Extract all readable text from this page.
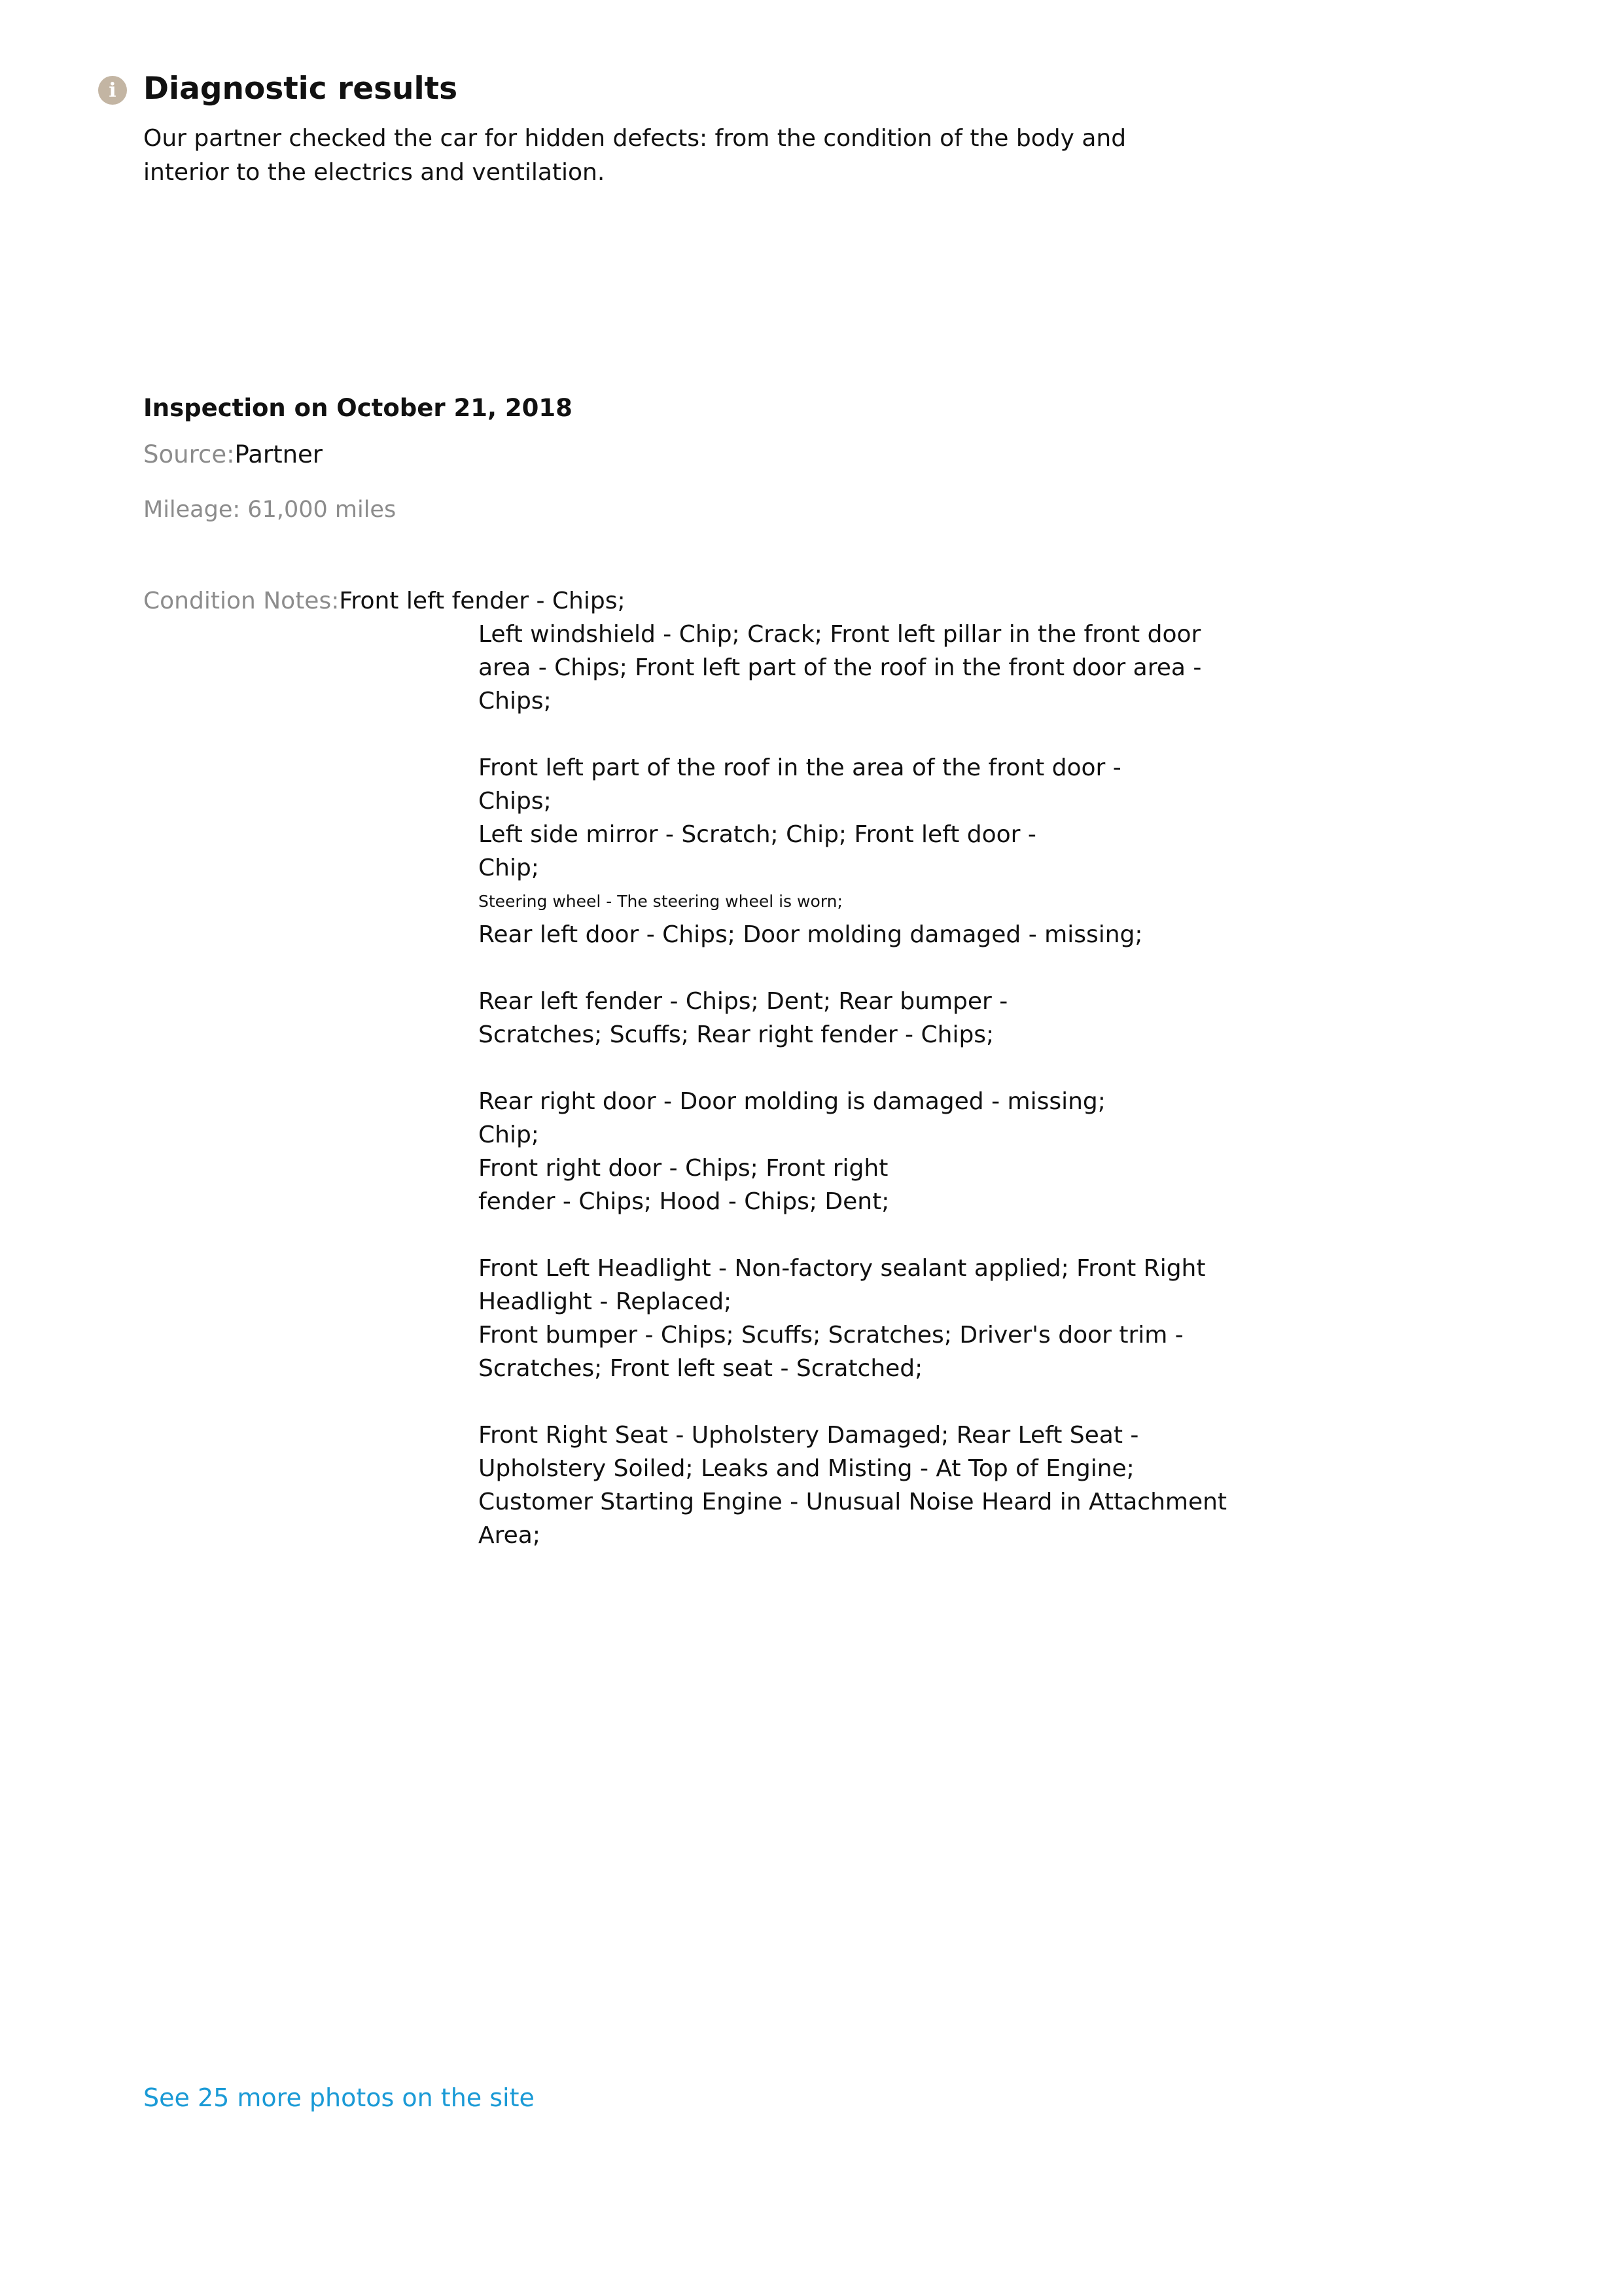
i Diagnostic results

Our partner checked the car for hidden defects: from the condition of the body and interior to the electrics and ventilation.

Inspection on October 21, 2018
Source:Partner
Mileage: 61,000 miles
Condition Notes:Front left fender - Chips;
Left windshield - Chip; Crack; Front left pillar in the front door
area - Chips; Front left part of the roof in the front door area -
Chips;
Front left part of the roof in the area of the front door -
Chips;
Left side mirror - Scratch; Chip; Front left door -
Chip;
Steering wheel - The steering wheel is worn;
Rear left door - Chips; Door molding damaged - missing;
Rear left fender - Chips; Dent; Rear bumper -
Scratches; Scuffs; Rear right fender - Chips;
Rear right door - Door molding is damaged - missing;
Chip;
Front right door - Chips; Front right
fender - Chips; Hood - Chips; Dent;
Front Left Headlight - Non-factory sealant applied; Front Right
Headlight - Replaced;
Front bumper - Chips; Scuffs; Scratches; Driver's door trim -
Scratches; Front left seat - Scratched;
Front Right Seat - Upholstery Damaged; Rear Left Seat -
Upholstery Soiled; Leaks and Misting - At Top of Engine;
Customer Starting Engine - Unusual Noise Heard in Attachment
Area;
See 25 more photos on the site
